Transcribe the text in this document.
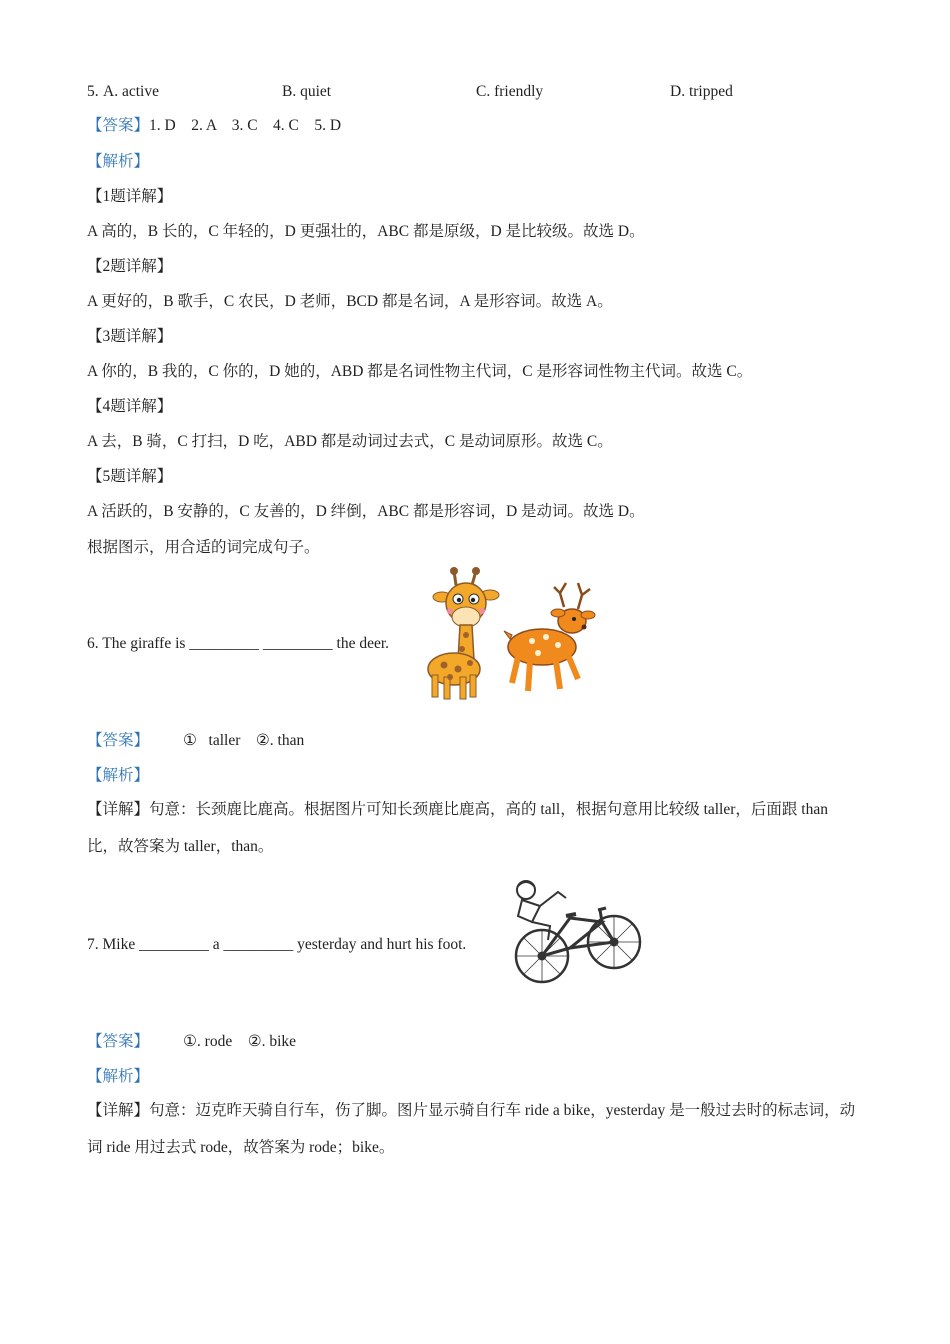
5. A. active	B. quiet	C. friendly	D. tripped
【答案】1. D    2. A    3. C    4. C    5. D
【解析】
【1题详解】
A 高的，B 长的，C 年轻的，D 更强壮的，ABC 都是原级，D 是比较级。故选 D。
【2题详解】
A 更好的，B 歌手，C 农民，D 老师，BCD 都是名词，A 是形容词。故选 A。
【3题详解】
A 你的，B 我的，C 你的，D 她的，ABD 都是名词性物主代词，C 是形容词性物主代词。故选 C。
【4题详解】
A 去，B 骑，C 打扫，D 吃，ABD 都是动词过去式，C 是动词原形。故选 C。
【5题详解】
A 活跃的，B 安静的，C 友善的，D 绊倒，ABC 都是形容词，D 是动词。故选 D。
根据图示，用合适的词完成句子。
6. The giraffe is _________ _________ the deer.
【答案】 ①   taller    ②. than
【解析】
【详解】句意：长颈鹿比鹿高。根据图片可知长颈鹿比鹿高，高的 tall，根据句意用比较级 taller，后面跟 than 比，故答案为 taller，than。
7. Mike _________ a _________ yesterday and hurt his foot.
【答案】 ①. rode    ②. bike
【解析】
【详解】句意：迈克昨天骑自行车，伤了脚。图片显示骑自行车 ride a bike，yesterday 是一般过去时的标志词，动词 ride 用过去式 rode，故答案为 rode；bike。
